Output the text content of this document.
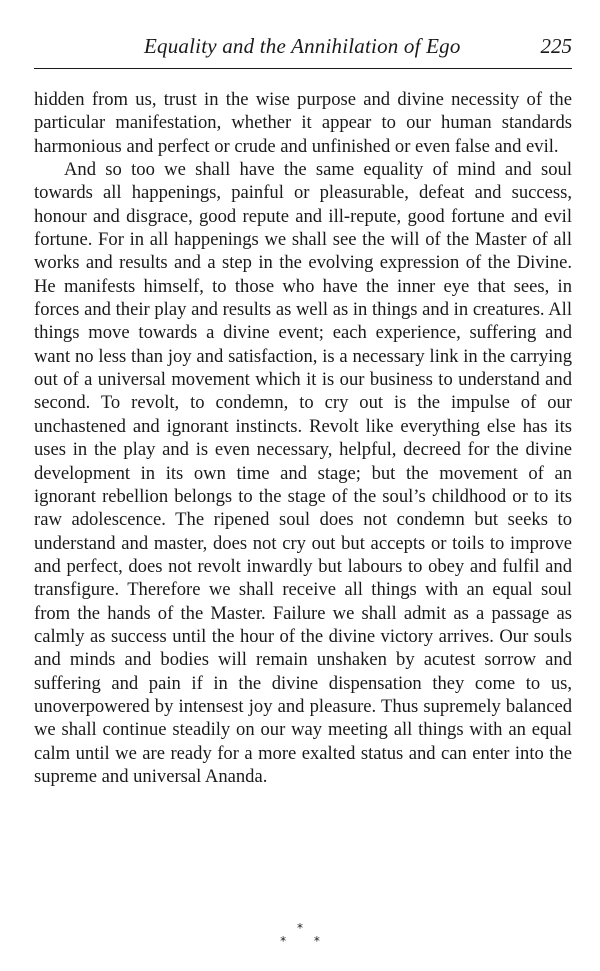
Equality and the Annihilation of Ego	225

hidden from us, trust in the wise purpose and divine necessity of the particular manifestation, whether it appear to our human standards harmonious and perfect or crude and unfinished or even false and evil.

And so too we shall have the same equality of mind and soul towards all happenings, painful or pleasurable, defeat and success, honour and disgrace, good repute and ill-repute, good fortune and evil fortune. For in all happenings we shall see the will of the Master of all works and results and a step in the evolving expression of the Divine. He manifests himself, to those who have the inner eye that sees, in forces and their play and results as well as in things and in creatures. All things move towards a divine event; each experience, suffering and want no less than joy and satisfaction, is a necessary link in the carrying out of a universal movement which it is our business to understand and second. To revolt, to condemn, to cry out is the impulse of our unchastened and ignorant instincts. Revolt like everything else has its uses in the play and is even necessary, helpful, decreed for the divine development in its own time and stage; but the movement of an ignorant rebellion belongs to the stage of the soul’s childhood or to its raw adolescence. The ripened soul does not condemn but seeks to understand and master, does not cry out but accepts or toils to improve and perfect, does not revolt inwardly but labours to obey and fulfil and transfigure. Therefore we shall receive all things with an equal soul from the hands of the Master. Failure we shall admit as a passage as calmly as success until the hour of the divine victory arrives. Our souls and minds and bodies will remain unshaken by acutest sorrow and suffering and pain if in the divine dispensation they come to us, unoverpowered by intensest joy and pleasure. Thus supremely balanced we shall continue steadily on our way meeting all things with an equal calm until we are ready for a more exalted status and can enter into the supreme and universal Ananda.

*
* *
